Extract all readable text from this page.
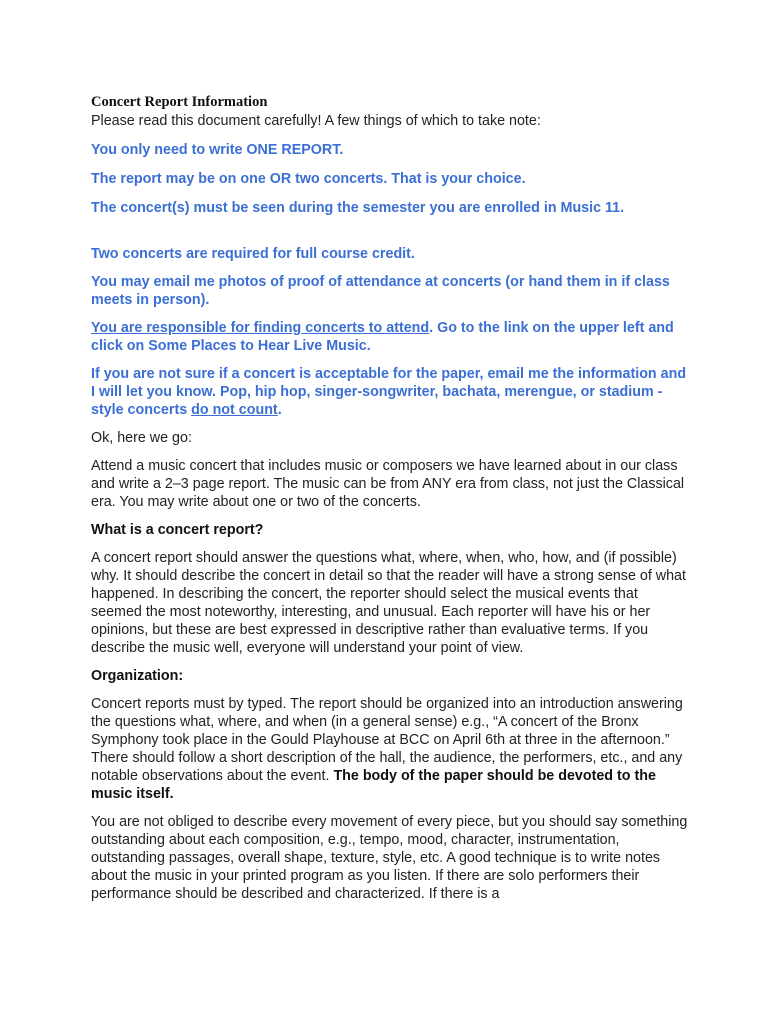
Concert Report Information

Please read this document carefully! A few things of which to take note:

You only need to write ONE REPORT.

The report may be on one OR two concerts. That is your choice.

The concert(s) must be seen during the semester you are enrolled in Music 11.

Two concerts are required for full course credit.

You may email me photos of proof of attendance at concerts (or hand them in if class meets in person).

You are responsible for finding concerts to attend. Go to the link on the upper left and click on Some Places to Hear Live Music.

If you are not sure if a concert is acceptable for the paper, email me the information and I will let you know. Pop, hip hop, singer-songwriter, bachata, merengue, or stadium - style concerts do not count.

Ok, here we go:

Attend a music concert that includes music or composers we have learned about in our class and write a 2–3 page report. The music can be from ANY era from class, not just the Classical era. You may write about one or two of the concerts.

What is a concert report?

A concert report should answer the questions what, where, when, who, how, and (if possible) why. It should describe the concert in detail so that the reader will have a strong sense of what happened. In describing the concert, the reporter should select the musical events that seemed the most noteworthy, interesting, and unusual. Each reporter will have his or her opinions, but these are best expressed in descriptive rather than evaluative terms. If you describe the music well, everyone will understand your point of view.

Organization:

Concert reports must by typed. The report should be organized into an introduction answering the questions what, where, and when (in a general sense) e.g., “A concert of the Bronx Symphony took place in the Gould Playhouse at BCC on April 6th at three in the afternoon.” There should follow a short description of the hall, the audience, the performers, etc., and any notable observations about the event. The body of the paper should be devoted to the music itself.

You are not obliged to describe every movement of every piece, but you should say something outstanding about each composition, e.g., tempo, mood, character, instrumentation, outstanding passages, overall shape, texture, style, etc. A good technique is to write notes about the music in your printed program as you listen. If there are solo performers their performance should be described and characterized. If there is a
